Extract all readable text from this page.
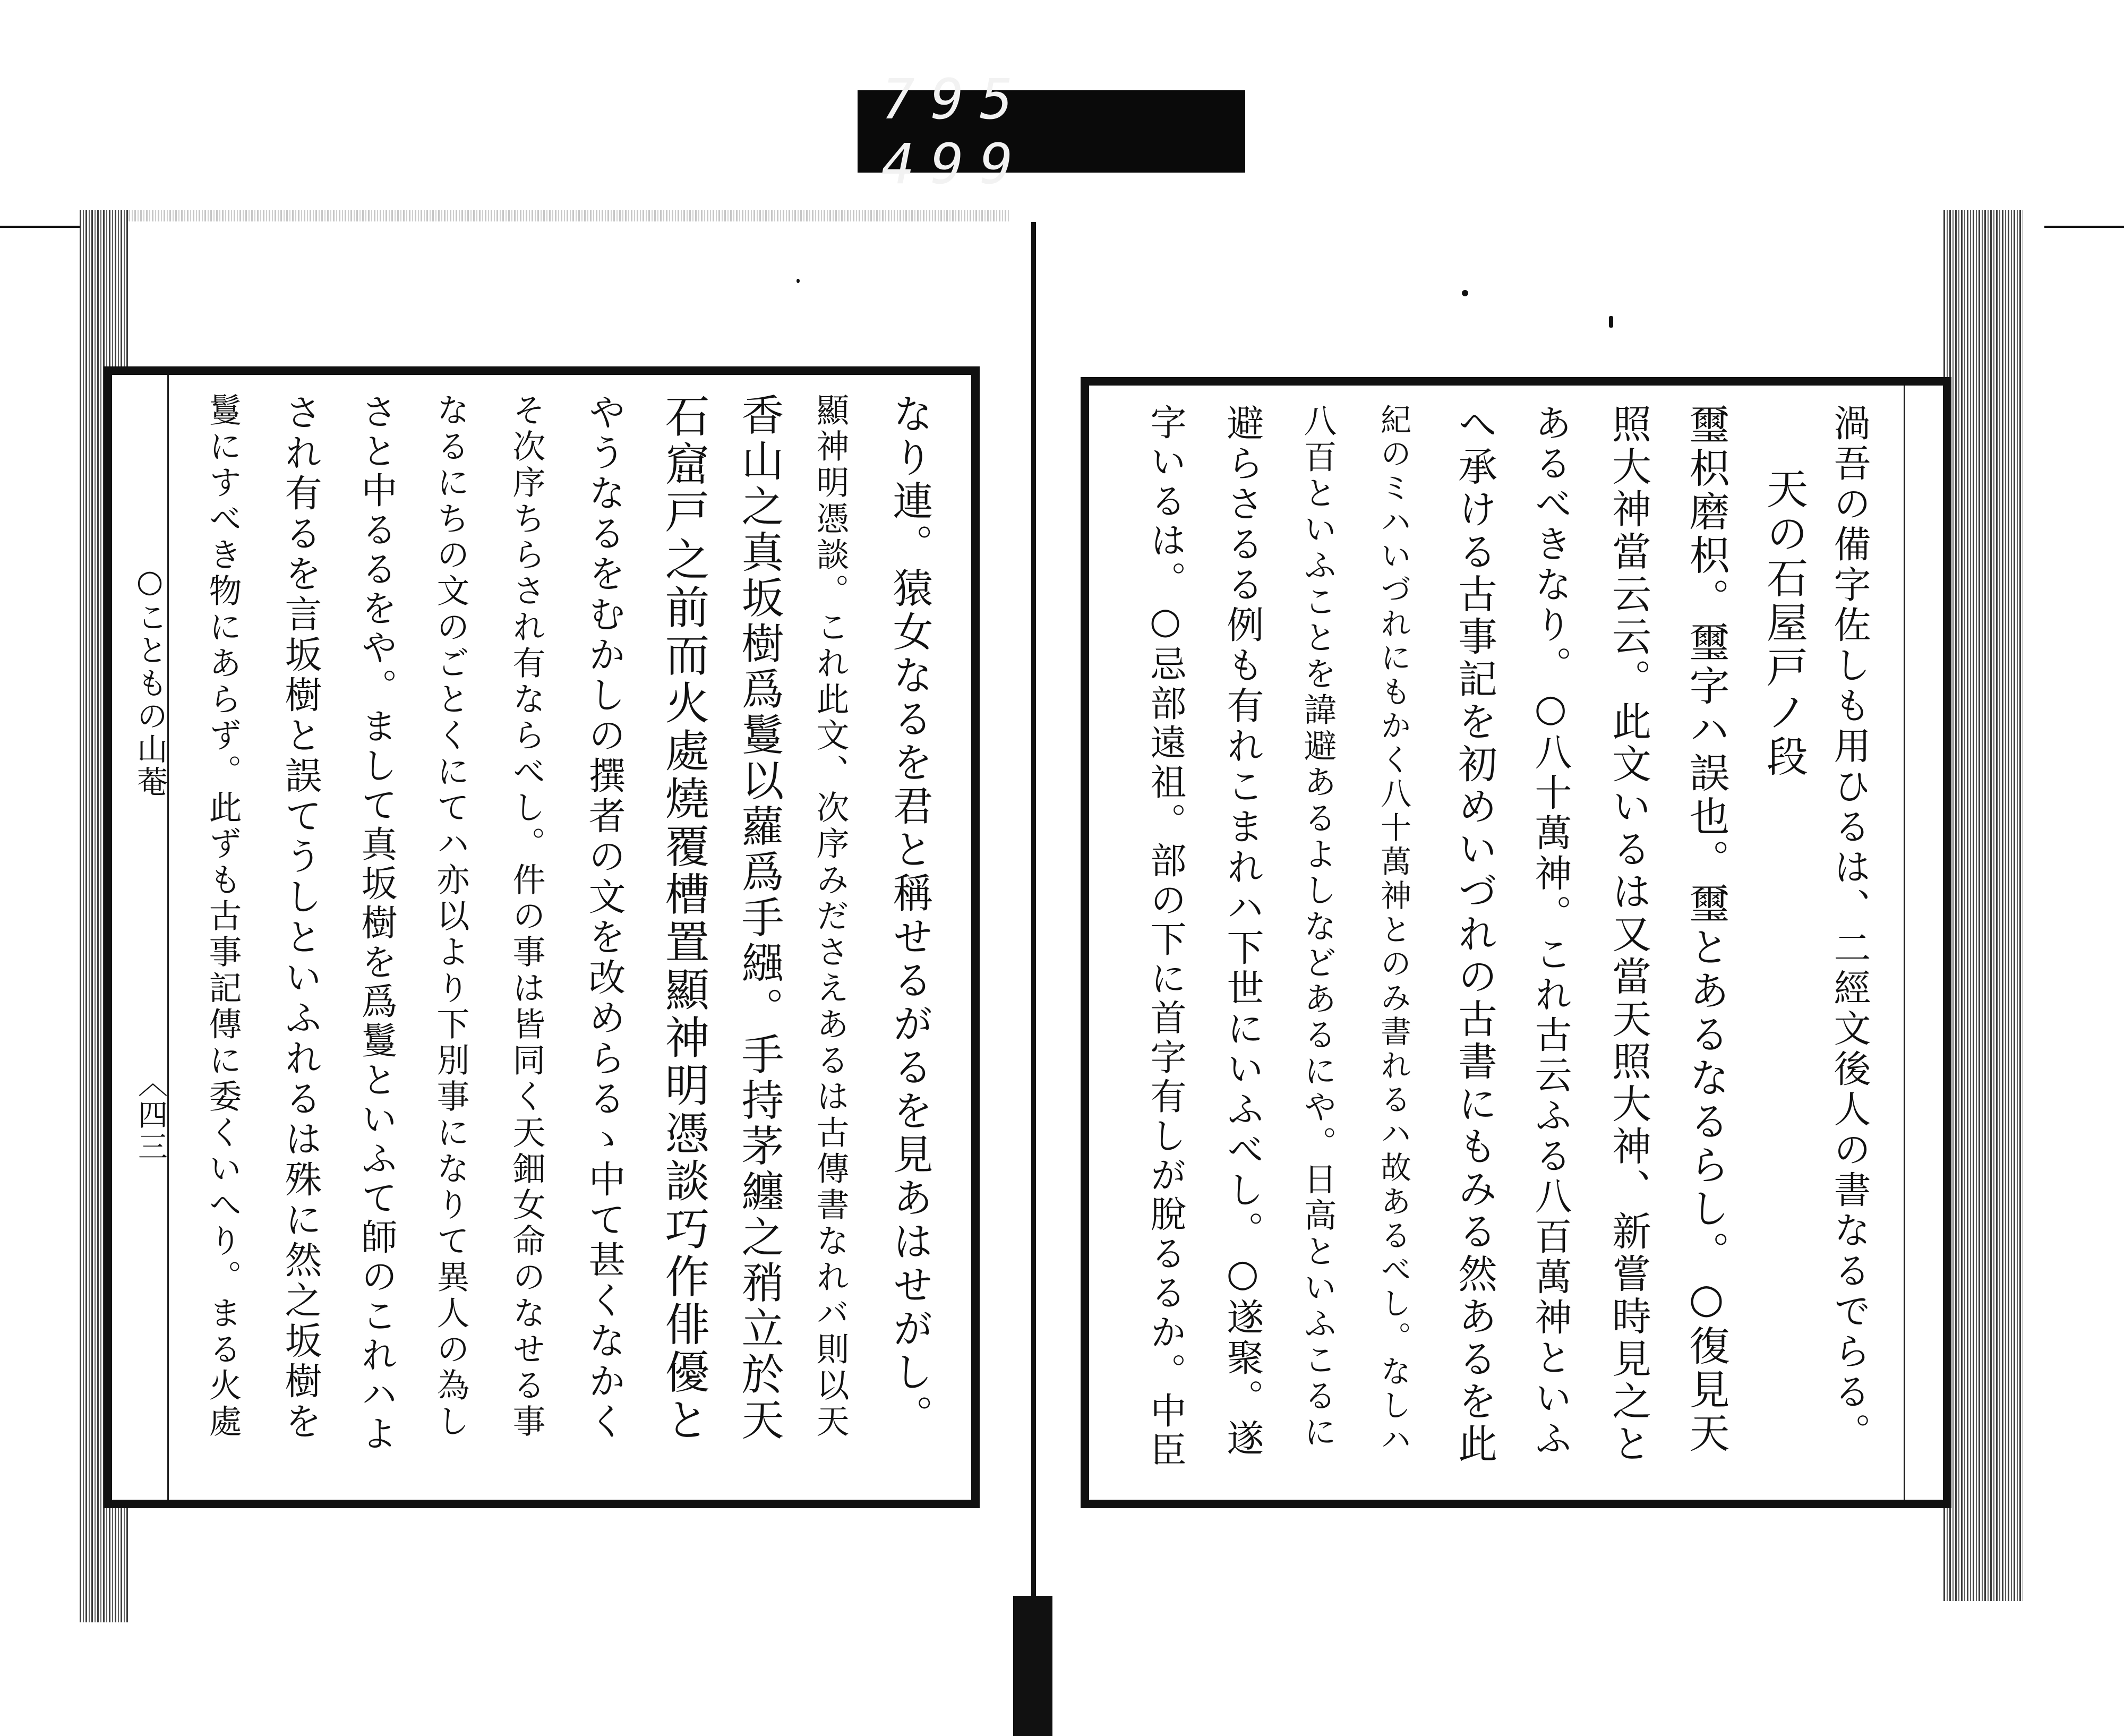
795 499
○こともの山菴
〈四三	なり連。猿女なるを君と稱せるがるを見あはせがし。
顯神明憑談。これ此文、次序みださえあるは古傳書なれバ則以天
香山之真坂樹爲鬘以蘿爲手繦。手持茅纏之矟立於天
石窟戸之前而火處燒覆槽置顯神明憑談巧作俳優と
やうなるをむかしの撰者の文を改めらるゝ中て甚くなかく
そ次序ちらされ有ならべし。件の事は皆同く天鈿女命のなせる事
なるにちの文のごとくにてハ亦以より下別事になりて異人の為し
さと中るるをや。まして真坂樹を爲鬘といふて師のこれハよ
され有るを言坂樹と誤てうしといふれるは殊に然之坂樹を
鬘にすべき物にあらず。此ずも古事記傳に委くいへり。まる火處	渦吾の備字佐しも用ひるは、二經文後人の書なるでらる。
天の石屋戸ノ段
璽枳磨枳。璽字ハ誤也。璽とあるなるらし。○復見天
照大神當云云。此文いるは又當天照大神、新嘗時見之と
あるべきなり。○八十萬神。これ古云ふる八百萬神といふ
へ承ける古事記を初めいづれの古書にもみる然あるを此
紀のミハいづれにもかく八十萬神とのみ書れるハ故あるべし。なしハ
八百といふことを諱避あるよしなどあるにや。日高といふこるに
避らさるる例も有れこまれハ下世にいふべし。○遂聚。遂
字いるは。○忌部遠祖。部の下に首字有しが脫るるか。中臣
